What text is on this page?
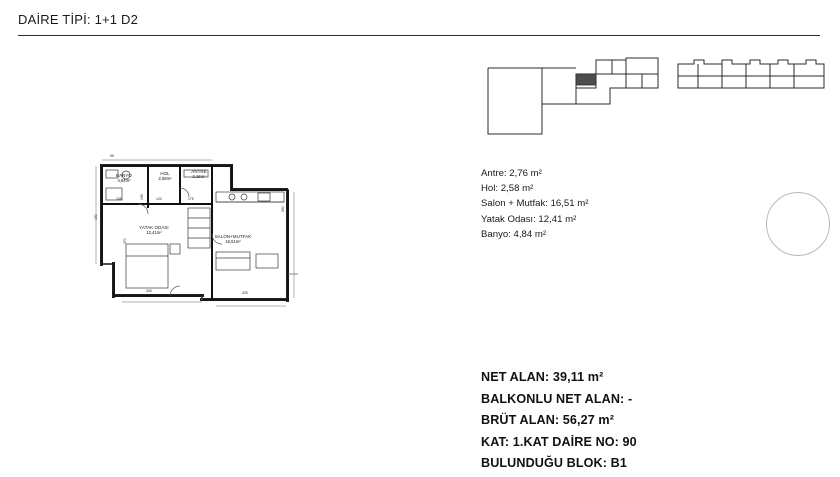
DAİRE TİPİ: 1+1 D2
BANYO
4,84m²
HOL
2,58m²
ANTRE
2,16m²
YATAK ODASI
12,41m²
SALON+MUTFAK
16,51m²
245	195	120	175
370
340
390
425
150
95
Antre: 2,76 m²
Hol: 2,58 m²
Salon + Mutfak: 16,51 m²
Yatak Odası: 12,41 m²
Banyo: 4,84 m²
NET ALAN: 39,11 m²
BALKONLU NET ALAN: -
BRÜT ALAN: 56,27 m²
KAT: 1.KAT DAİRE NO: 90
BULUNDUĞU BLOK: B1
